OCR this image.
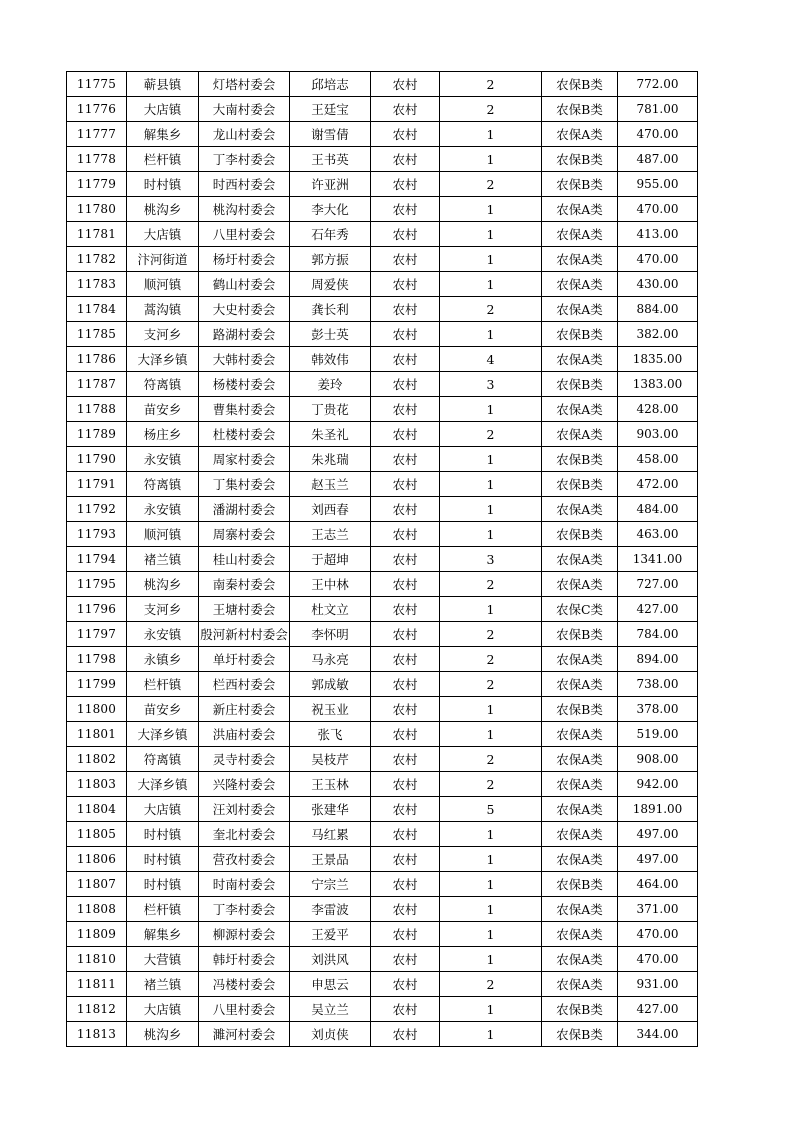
11775	蕲县镇	灯塔村委会	邱培志	农村	2	农保B类	772.00
11776	大店镇	大南村委会	王廷宝	农村	2	农保B类	781.00
11777	解集乡	龙山村委会	谢雪倩	农村	1	农保A类	470.00
11778	栏杆镇	丁李村委会	王书英	农村	1	农保B类	487.00
11779	时村镇	时西村委会	许亚洲	农村	2	农保B类	955.00
11780	桃沟乡	桃沟村委会	李大化	农村	1	农保A类	470.00
11781	大店镇	八里村委会	石年秀	农村	1	农保A类	413.00
11782	汴河街道	杨圩村委会	郭方振	农村	1	农保A类	470.00
11783	顺河镇	鹤山村委会	周爱侠	农村	1	农保A类	430.00
11784	蒿沟镇	大史村委会	龚长利	农村	2	农保A类	884.00
11785	支河乡	路湖村委会	彭士英	农村	1	农保B类	382.00
11786	大泽乡镇	大韩村委会	韩效伟	农村	4	农保A类	1835.00
11787	符离镇	杨楼村委会	姜玲	农村	3	农保B类	1383.00
11788	苗安乡	曹集村委会	丁贵花	农村	1	农保A类	428.00
11789	杨庄乡	杜楼村委会	朱圣礼	农村	2	农保A类	903.00
11790	永安镇	周家村委会	朱兆瑞	农村	1	农保B类	458.00
11791	符离镇	丁集村委会	赵玉兰	农村	1	农保B类	472.00
11792	永安镇	潘湖村委会	刘西春	农村	1	农保A类	484.00
11793	顺河镇	周寨村委会	王志兰	农村	1	农保B类	463.00
11794	褚兰镇	桂山村委会	于超坤	农村	3	农保A类	1341.00
11795	桃沟乡	南秦村委会	王中林	农村	2	农保A类	727.00
11796	支河乡	王塘村委会	杜文立	农村	1	农保C类	427.00
11797	永安镇	殷河新村村委会	李怀明	农村	2	农保B类	784.00
11798	永镇乡	单圩村委会	马永亮	农村	2	农保A类	894.00
11799	栏杆镇	栏西村委会	郭成敏	农村	2	农保A类	738.00
11800	苗安乡	新庄村委会	祝玉业	农村	1	农保B类	378.00
11801	大泽乡镇	洪庙村委会	张飞	农村	1	农保A类	519.00
11802	符离镇	灵寺村委会	吴枝芹	农村	2	农保A类	908.00
11803	大泽乡镇	兴隆村委会	王玉林	农村	2	农保A类	942.00
11804	大店镇	汪刘村委会	张建华	农村	5	农保A类	1891.00
11805	时村镇	奎北村委会	马红累	农村	1	农保A类	497.00
11806	时村镇	营孜村委会	王景品	农村	1	农保A类	497.00
11807	时村镇	时南村委会	宁宗兰	农村	1	农保B类	464.00
11808	栏杆镇	丁李村委会	李雷波	农村	1	农保A类	371.00
11809	解集乡	柳源村委会	王爱平	农村	1	农保A类	470.00
11810	大营镇	韩圩村委会	刘洪风	农村	1	农保A类	470.00
11811	褚兰镇	冯楼村委会	申思云	农村	2	农保A类	931.00
11812	大店镇	八里村委会	吴立兰	农村	1	农保B类	427.00
11813	桃沟乡	濉河村委会	刘贞侠	农村	1	农保B类	344.00
